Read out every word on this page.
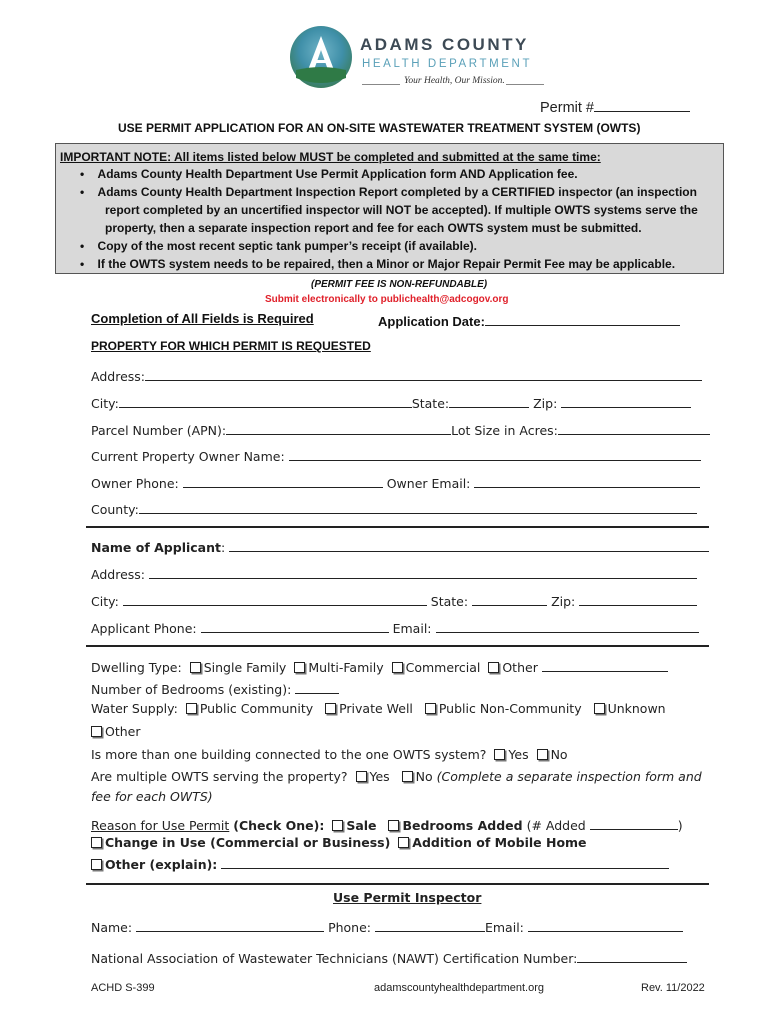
ADAMS COUNTY
HEALTH DEPARTMENT
Your Health, Our Mission.
Permit #
USE PERMIT APPLICATION FOR AN ON-SITE WASTEWATER TREATMENT SYSTEM (OWTS)
IMPORTANT NOTE: All items listed below MUST be completed and submitted at the same time:
•    Adams County Health Department Use Permit Application form AND Application fee.
•    Adams County Health Department Inspection Report completed by a CERTIFIED inspector (an inspection
report completed by an uncertified inspector will NOT be accepted). If multiple OWTS systems serve the
property, then a separate inspection report and fee for each OWTS system must be submitted.
•    Copy of the most recent septic tank pumper’s receipt (if available).
•    If the OWTS system needs to be repaired, then a Minor or Major Repair Permit Fee may be applicable.
(PERMIT FEE IS NON-REFUNDABLE)
Submit electronically to publichealth@adcogov.org
Completion of All Fields is Required	Application Date:
PROPERTY FOR WHICH PERMIT IS REQUESTED
Address:
City:	State:	Zip:
Parcel Number (APN):	Lot Size in Acres:
Current Property Owner Name:
Owner Phone:	Owner Email:
County:
Name of Applicant:
Address:
City:	State:	Zip:
Applicant Phone:	Email:
Dwelling Type: Single Family Multi-Family Commercial Other
Number of Bedrooms (existing):
Water Supply: Public Community Private Well Public Non-Community Unknown
Other
Is more than one building connected to the one OWTS system? Yes No
Are multiple OWTS serving the property? Yes No (Complete a separate inspection form and
fee for each OWTS)
Reason for Use Permit (Check One): Sale Bedrooms Added (# Added	)
Change in Use (Commercial or Business) Addition of Mobile Home
Other (explain):
Use Permit Inspector
Name:	Phone:	Email:
National Association of Wastewater Technicians (NAWT) Certification Number:
ACHD S-399	adamscountyhealthdepartment.org	Rev. 11/2022
